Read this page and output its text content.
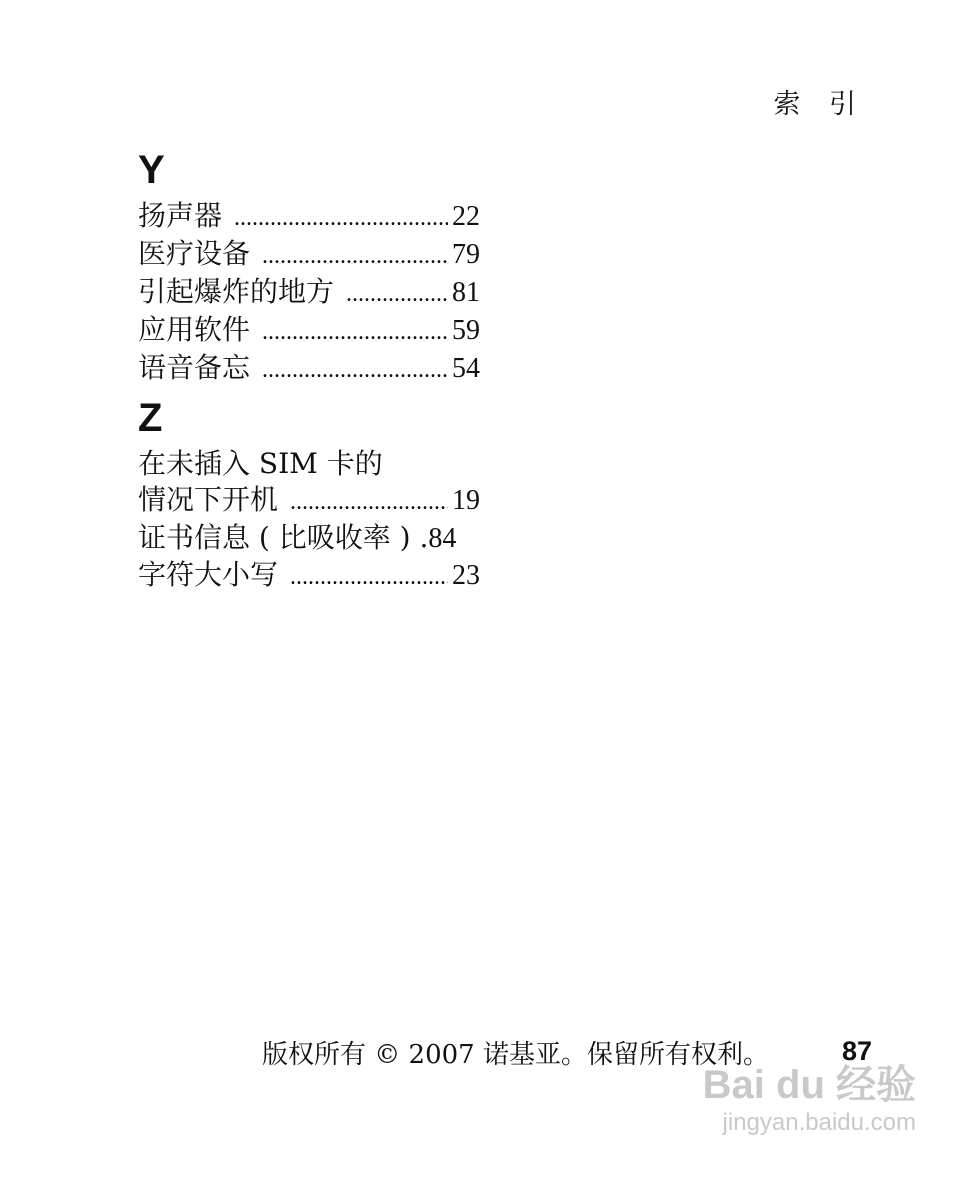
索 引
Y
扬声器 .....	22
医疗设备 .....	79
引起爆炸的地方 .....	81
应用软件 .....	59
语音备忘 .....	54
Z
在未插入 SIM 卡的
情况下开机 .....	19
证书信息 ( 比吸收率 ) . 84
字符大小写 .....	23
版权所有 © 2007 诺基亚。保留所有权利。	87
Bai du 经验
jingyan.baidu.com
